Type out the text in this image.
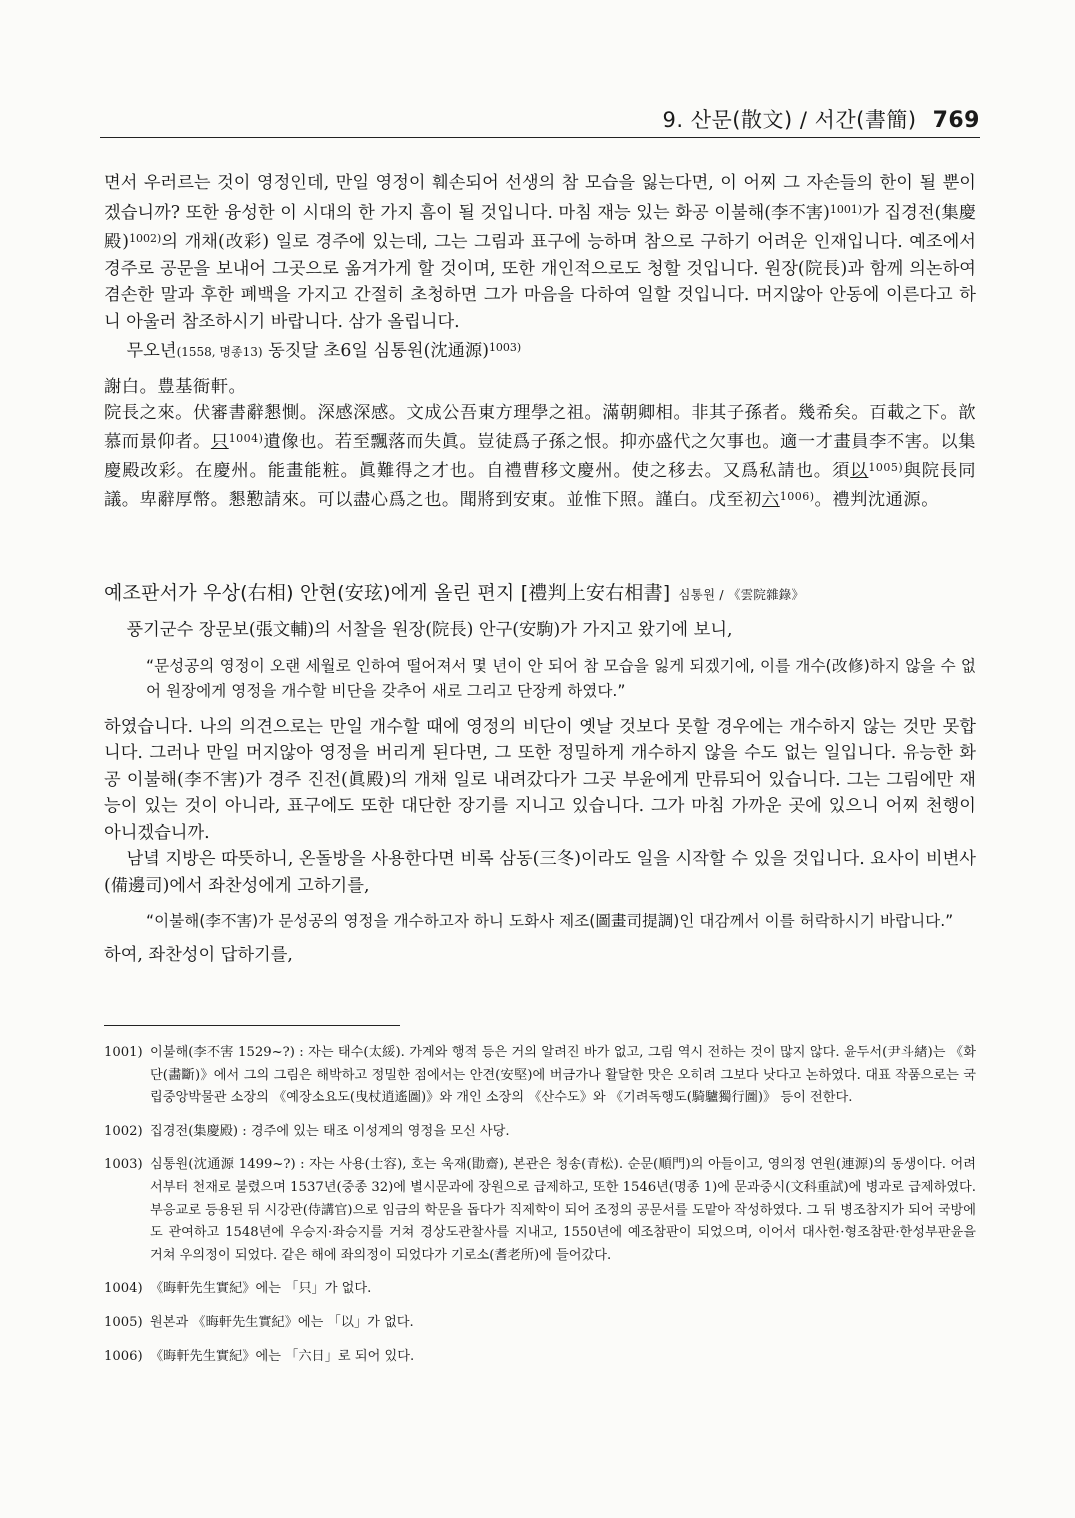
9. 산문(散文) / 서간(書簡) 769

면서 우러르는 것이 영정인데, 만일 영정이 훼손되어 선생의 참 모습을 잃는다면, 이 어찌 그 자손들의 한이 될 뿐이겠습니까? 또한 융성한 이 시대의 한 가지 흠이 될 것입니다. 마침 재능 있는 화공 이불해(李不害)$^{1001)}$가 집경전(集慶殿)$^{1002)}$의 개채(改彩) 일로 경주에 있는데, 그는 그림과 표구에 능하며 참으로 구하기 어려운 인재입니다. 예조에서 경주로 공문을 보내어 그곳으로 옮겨가게 할 것이며, 또한 개인적으로도 청할 것입니다. 원장(院長)과 함께 의논하여 겸손한 말과 후한 폐백을 가지고 간절히 초청하면 그가 마음을 다하여 일할 것입니다. 머지않아 안동에 이른다고 하니 아울러 참조하시기 바랍니다. 삼가 올립니다.

무오년(1558, 명종13) 동짓달 초6일 심통원(沈通源)$^{1003)}$

謝白。豊基衙軒。

院長之來。伏審書辭懇惻。深感深感。文成公吾東方理學之祖。滿朝卿相。非其子孫者。幾希矣。百載之下。歆慕而景仰者。只$^{1004)}$遺像也。若至飄落而失眞。豈徒爲子孫之恨。抑亦盛代之欠事也。適一才畫員李不害。以集慶殿改彩。在慶州。能畫能粧。眞難得之才也。自禮曹移文慶州。使之移去。又爲私請也。須以$^{1005)}$與院長同議。卑辭厚幣。懇懃請來。可以盡心爲之也。聞將到安東。並惟下照。謹白。戊至初六$^{1006)}$。禮判沈通源。

예조판서가 우상(右相) 안현(安玹)에게 올린 편지 [禮判上安右相書] 심통원 / 《雲院雜錄》

풍기군수 장문보(張文輔)의 서찰을 원장(院長) 안구(安駒)가 가지고 왔기에 보니,

“문성공의 영정이 오랜 세월로 인하여 떨어져서 몇 년이 안 되어 참 모습을 잃게 되겠기에, 이를 개수(改修)하지 않을 수 없어 원장에게 영정을 개수할 비단을 갖추어 새로 그리고 단장케 하였다.”

하였습니다. 나의 의견으로는 만일 개수할 때에 영정의 비단이 옛날 것보다 못할 경우에는 개수하지 않는 것만 못합니다. 그러나 만일 머지않아 영정을 버리게 된다면, 그 또한 정밀하게 개수하지 않을 수도 없는 일입니다. 유능한 화공 이불해(李不害)가 경주 진전(眞殿)의 개채 일로 내려갔다가 그곳 부윤에게 만류되어 있습니다. 그는 그림에만 재능이 있는 것이 아니라, 표구에도 또한 대단한 장기를 지니고 있습니다. 그가 마침 가까운 곳에 있으니 어찌 천행이 아니겠습니까.

남녘 지방은 따뜻하니, 온돌방을 사용한다면 비록 삼동(三冬)이라도 일을 시작할 수 있을 것입니다. 요사이 비변사(備邊司)에서 좌찬성에게 고하기를,

“이불해(李不害)가 문성공의 영정을 개수하고자 하니 도화사 제조(圖畫司提調)인 대감께서 이를 허락하시기 바랍니다.”

하여, 좌찬성이 답하기를,

1001) 이불해(李不害 1529~?) : 자는 태수(太綏). 가계와 행적 등은 거의 알려진 바가 없고, 그림 역시 전하는 것이 많지 않다. 윤두서(尹斗緖)는 《화단(畵斷)》에서 그의 그림은 해박하고 정밀한 점에서는 안견(安堅)에 버금가나 활달한 맛은 오히려 그보다 낫다고 논하였다. 대표 작품으로는 국립중앙박물관 소장의 《예장소요도(曳杖逍遙圖)》와 개인 소장의 《산수도》와 《기려독행도(騎驢獨行圖)》 등이 전한다.

1002) 집경전(集慶殿) : 경주에 있는 태조 이성계의 영정을 모신 사당.

1003) 심통원(沈通源 1499~?) : 자는 사용(士容), 호는 욱재(勖齋), 본관은 청송(青松). 순문(順門)의 아들이고, 영의정 연원(連源)의 동생이다. 어려서부터 천재로 불렸으며 1537년(중종 32)에 별시문과에 장원으로 급제하고, 또한 1546년(명종 1)에 문과중시(文科重試)에 병과로 급제하였다. 부응교로 등용된 뒤 시강관(侍講官)으로 임금의 학문을 돕다가 직제학이 되어 조정의 공문서를 도맡아 작성하였다. 그 뒤 병조참지가 되어 국방에도 관여하고 1548년에 우승지·좌승지를 거쳐 경상도관찰사를 지내고, 1550년에 예조참판이 되었으며, 이어서 대사헌·형조참판·한성부판윤을 거쳐 우의정이 되었다. 같은 해에 좌의정이 되었다가 기로소(耆老所)에 들어갔다.

1004) 《晦軒先生實紀》에는 「只」가 없다.

1005) 원본과 《晦軒先生實紀》에는 「以」가 없다.

1006) 《晦軒先生實紀》에는 「六日」로 되어 있다.
